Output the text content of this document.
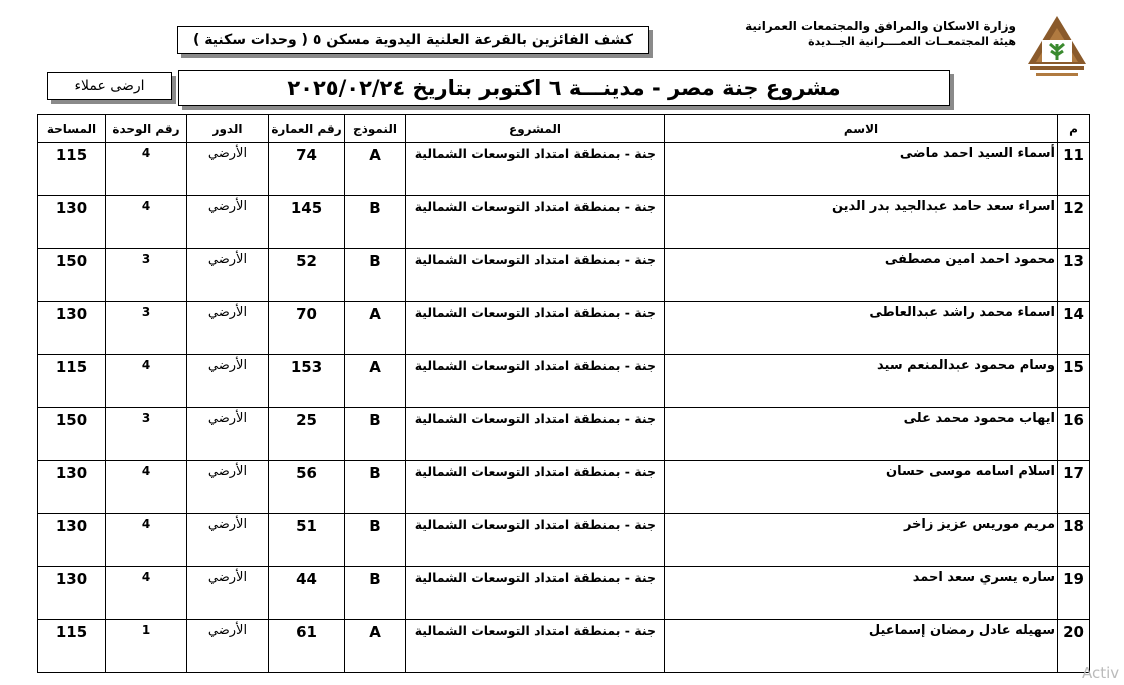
وزارة الاسكان والمرافق والمجتمعات العمرانية
هيئة المجتمعــات العمــــرانية الجــديدة
كشف الفائزين بالقرعة العلنية اليدوية مسكن ٥ ( وحدات سكنية )
مشروع جنة مصر - مدينـــة ٦ اكتوبر بتاريخ ٢٠٢٥/٠٢/٢٤
ارضى عملاء
م	الاسم	المشروع	النموذج	رقم العمارة	الدور	رقم الوحدة	المساحة
11	أسماء السيد احمد ماضى	جنة - بمنطقة امتداد التوسعات الشمالية	A	74	الأرضي	4	115
12	اسراء سعد حامد عبدالجيد بدر الدين	جنة - بمنطقة امتداد التوسعات الشمالية	B	145	الأرضي	4	130
13	محمود احمد امين مصطفى	جنة - بمنطقة امتداد التوسعات الشمالية	B	52	الأرضي	3	150
14	اسماء محمد راشد عبدالعاطى	جنة - بمنطقة امتداد التوسعات الشمالية	A	70	الأرضي	3	130
15	وسام محمود عبدالمنعم سيد	جنة - بمنطقة امتداد التوسعات الشمالية	A	153	الأرضي	4	115
16	ايهاب محمود محمد على	جنة - بمنطقة امتداد التوسعات الشمالية	B	25	الأرضي	3	150
17	اسلام اسامه موسى حسان	جنة - بمنطقة امتداد التوسعات الشمالية	B	56	الأرضي	4	130
18	مريم موريس عزيز زاخر	جنة - بمنطقة امتداد التوسعات الشمالية	B	51	الأرضي	4	130
19	ساره يسري سعد احمد	جنة - بمنطقة امتداد التوسعات الشمالية	B	44	الأرضي	4	130
20	سهيله عادل رمضان إسماعيل	جنة - بمنطقة امتداد التوسعات الشمالية	A	61	الأرضي	1	115
Activ
